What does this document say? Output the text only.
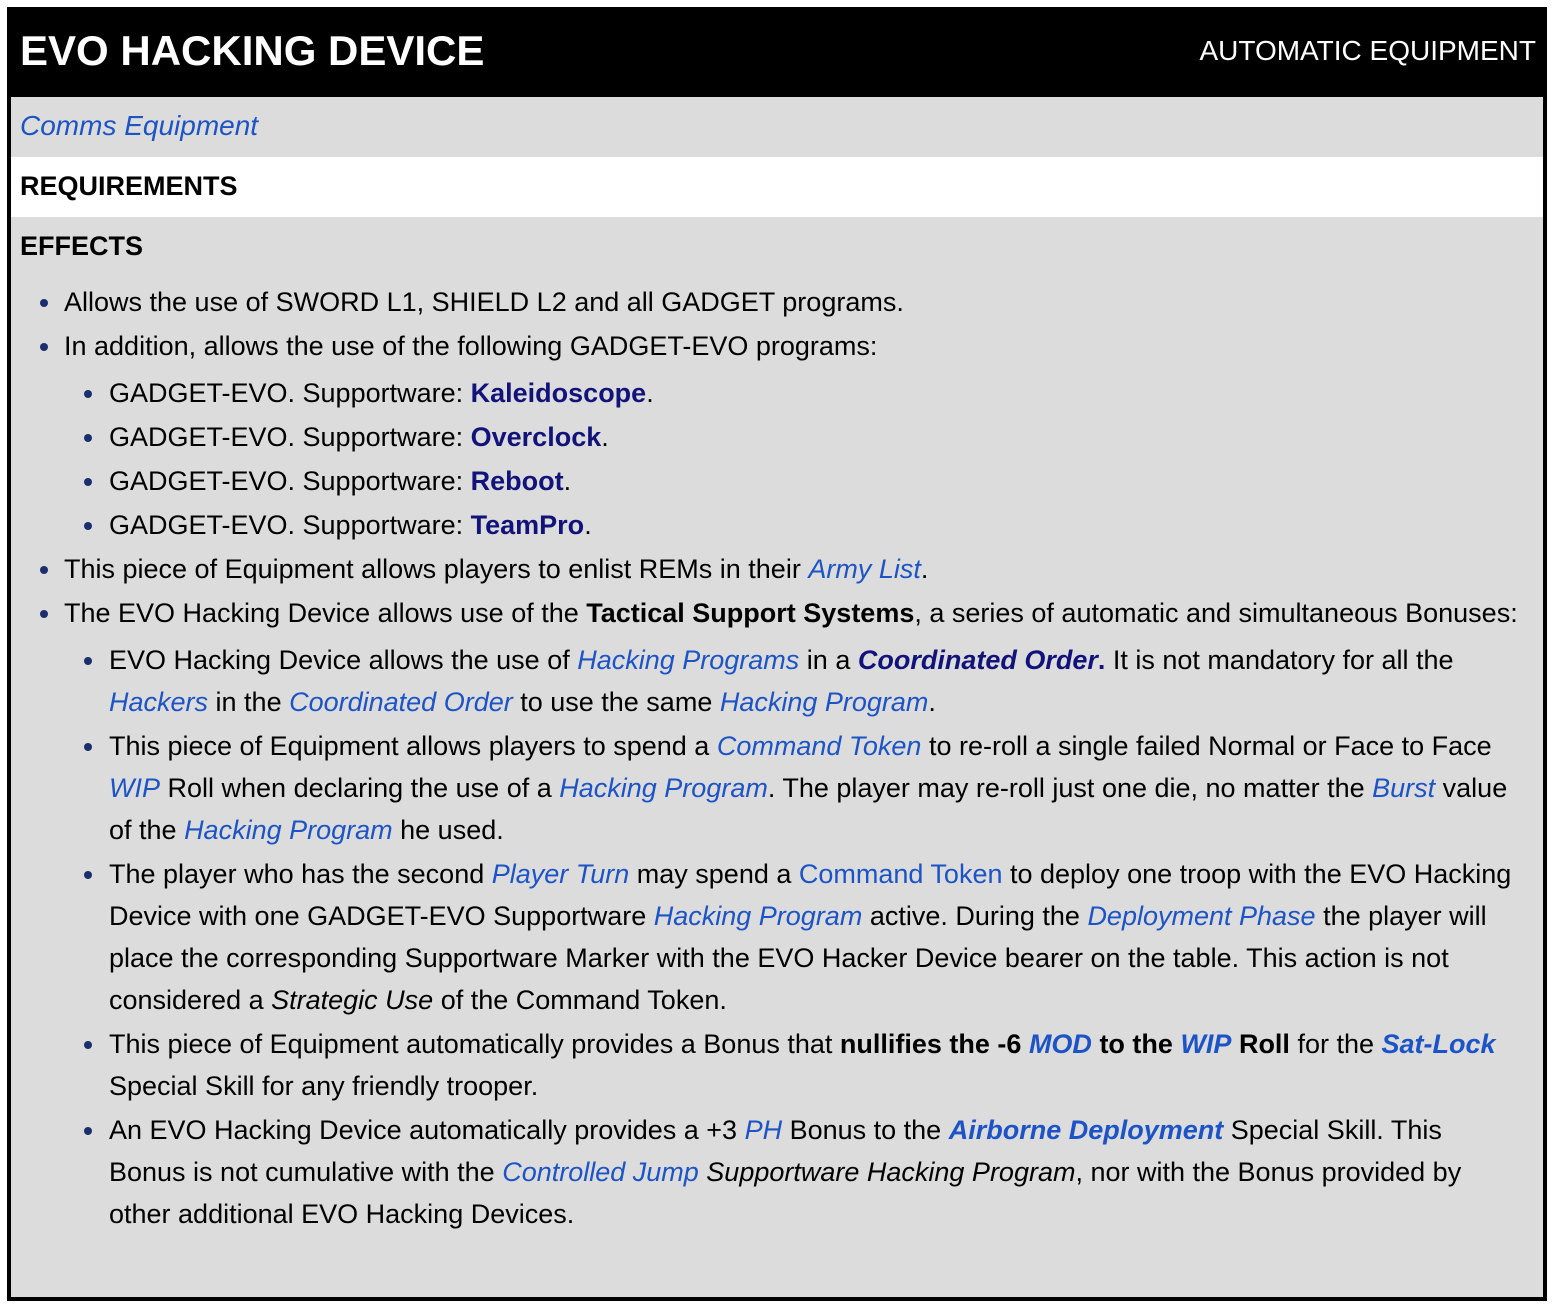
EVO HACKING DEVICE	AUTOMATIC EQUIPMENT
Comms Equipment
REQUIREMENTS
EFFECTS
Allows the use of SWORD L1, SHIELD L2 and all GADGET programs.
In addition, allows the use of the following GADGET-EVO programs:
GADGET-EVO. Supportware: Kaleidoscope.
GADGET-EVO. Supportware: Overclock.
GADGET-EVO. Supportware: Reboot.
GADGET-EVO. Supportware: TeamPro.
This piece of Equipment allows players to enlist REMs in their Army List.
The EVO Hacking Device allows use of the Tactical Support Systems, a series of automatic and simultaneous Bonuses:
EVO Hacking Device allows the use of Hacking Programs in a Coordinated Order. It is not mandatory for all the Hackers in the Coordinated Order to use the same Hacking Program.
This piece of Equipment allows players to spend a Command Token to re-roll a single failed Normal or Face to Face WIP Roll when declaring the use of a Hacking Program. The player may re-roll just one die, no matter the Burst value of the Hacking Program he used.
The player who has the second Player Turn may spend a Command Token to deploy one troop with the EVO Hacking Device with one GADGET-EVO Supportware Hacking Program active. During the Deployment Phase the player will place the corresponding Supportware Marker with the EVO Hacker Device bearer on the table. This action is not considered a Strategic Use of the Command Token.
This piece of Equipment automatically provides a Bonus that nullifies the -6 MOD to the WIP Roll for the Sat-Lock Special Skill for any friendly trooper.
An EVO Hacking Device automatically provides a +3 PH Bonus to the Airborne Deployment Special Skill. This Bonus is not cumulative with the Controlled Jump Supportware Hacking Program, nor with the Bonus provided by other additional EVO Hacking Devices.
